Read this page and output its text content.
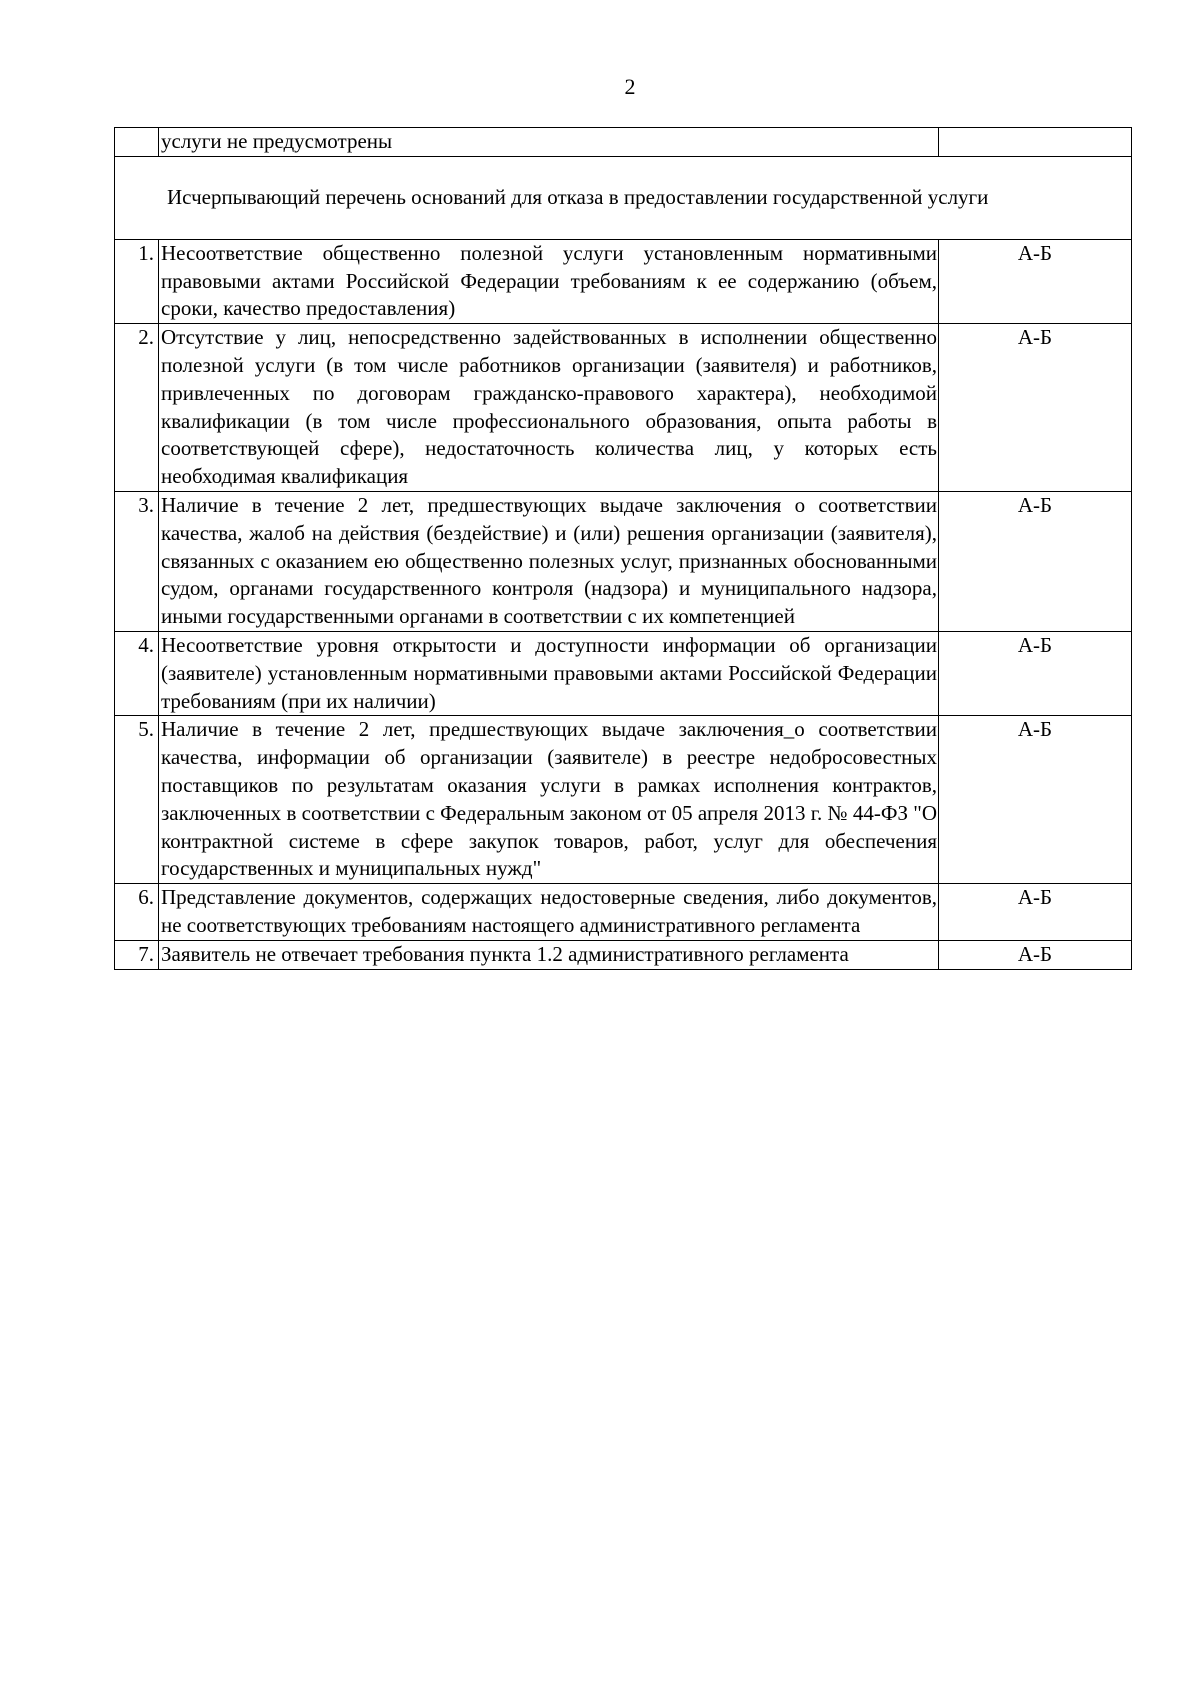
2
	услуги не предусмотрены	

Исчерпывающий перечень оснований для отказа в предоставлении государственной услуги		

1.	Несоответствие общественно полезной услуги установленным нормативными правовыми актами Российской Федерации требованиям к ее содержанию (объем, сроки, качество предоставления)	А-Б
2.	Отсутствие у лиц, непосредственно задействованных в исполнении общественно полезной услуги (в том числе работников организации (заявителя) и работников, привлеченных по договорам гражданско-правового характера), необходимой квалификации (в том числе профессионального образования, опыта работы в соответствующей сфере), недостаточность количества лиц, у которых есть необходимая квалификация	А-Б
3.	Наличие в течение 2 лет, предшествующих выдаче заключения о соответствии качества, жалоб на действия (бездействие) и (или) решения организации (заявителя), связанных с оказанием ею общественно полезных услуг, признанных обоснованными судом, органами государственного контроля (надзора) и муниципального надзора, иными государственными органами в соответствии с их компетенцией	А-Б
4.	Несоответствие уровня открытости и доступности информации об организации (заявителе) установленным нормативными правовыми актами Российской Федерации требованиям (при их наличии)	А-Б
5.	Наличие в течение 2 лет, предшествующих выдаче заключения_о соответствии качества, информации об организации (заявителе) в реестре недобросовестных поставщиков по результатам оказания услуги в рамках исполнения контрактов, заключенных в соответствии с Федеральным законом от 05 апреля 2013 г. № 44-ФЗ "О контрактной системе в сфере закупок товаров, работ, услуг для обеспечения государственных и муниципальных нужд"	А-Б
6.	Представление документов, содержащих недостоверные сведения, либо документов, не соответствующих требованиям настоящего административного регламента	А-Б
7.	Заявитель не отвечает требования пункта 1.2 административного регламента	А-Б
